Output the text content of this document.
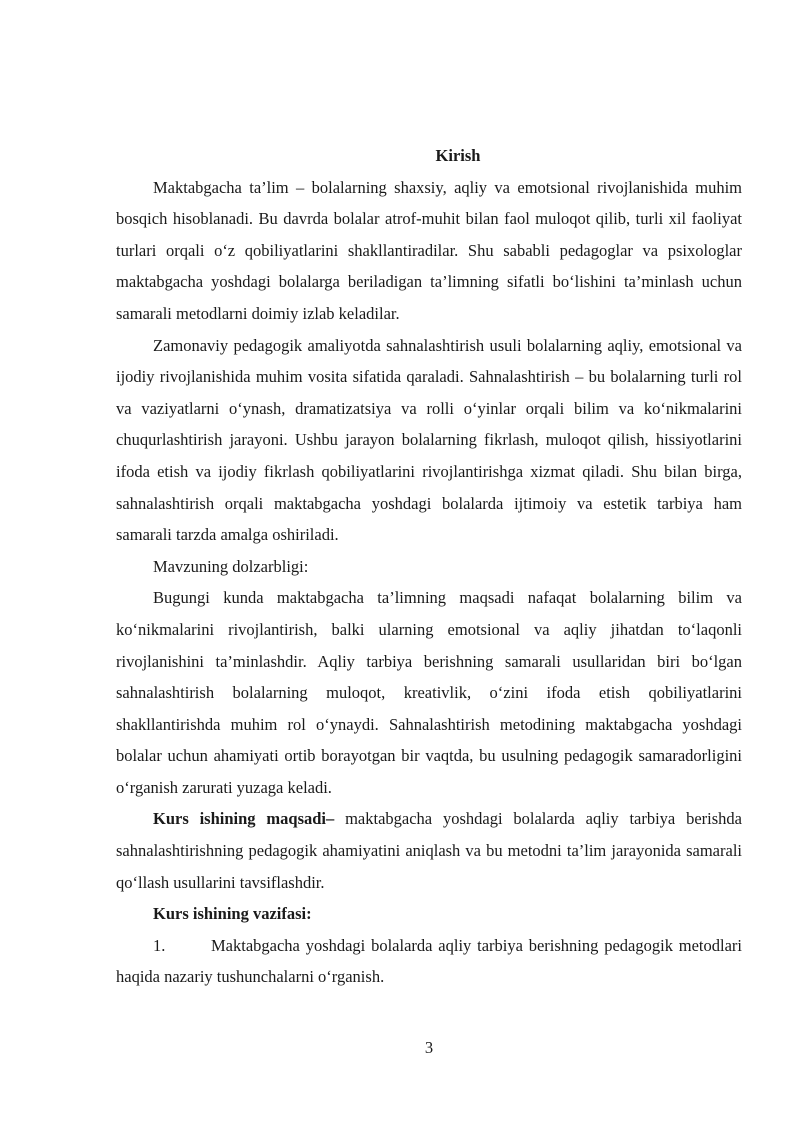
Kirish

Maktabgacha ta’lim – bolalarning shaxsiy, aqliy va emotsional rivojlanishida muhim bosqich hisoblanadi. Bu davrda bolalar atrof-muhit bilan faol muloqot qilib, turli xil faoliyat turlari orqali o‘z qobiliyatlarini shakllantiradilar. Shu sababli pedagoglar va psixologlar maktabgacha yoshdagi bolalarga beriladigan ta’limning sifatli bo‘lishini ta’minlash uchun samarali metodlarni doimiy izlab keladilar.

Zamonaviy pedagogik amaliyotda sahnalashtirish usuli bolalarning aqliy, emotsional va ijodiy rivojlanishida muhim vosita sifatida qaraladi. Sahnalashtirish – bu bolalarning turli rol va vaziyatlarni o‘ynash, dramatizatsiya va rolli o‘yinlar orqali bilim va ko‘nikmalarini chuqurlashtirish jarayoni. Ushbu jarayon bolalarning fikrlash, muloqot qilish, hissiyotlarini ifoda etish va ijodiy fikrlash qobiliyatlarini rivojlantirishga xizmat qiladi. Shu bilan birga, sahnalashtirish orqali maktabgacha yoshdagi bolalarda ijtimoiy va estetik tarbiya ham samarali tarzda amalga oshiriladi.

Mavzuning dolzarbligi:

Bugungi kunda maktabgacha ta’limning maqsadi nafaqat bolalarning bilim va ko‘nikmalarini rivojlantirish, balki ularning emotsional va aqliy jihatdan to‘laqonli rivojlanishini ta’minlashdir. Aqliy tarbiya berishning samarali usullaridan biri bo‘lgan sahnalashtirish bolalarning muloqot, kreativlik, o‘zini ifoda etish qobiliyatlarini shakllantirishda muhim rol o‘ynaydi. Sahnalashtirish metodining maktabgacha yoshdagi bolalar uchun ahamiyati ortib borayotgan bir vaqtda, bu usulning pedagogik samaradorligini o‘rganish zarurati yuzaga keladi.

Kurs ishining maqsadi– maktabgacha yoshdagi bolalarda aqliy tarbiya berishda sahnalashtirishning pedagogik ahamiyatini aniqlash va bu metodni ta’lim jarayonida samarali qo‘llash usullarini tavsiflashdir.

Kurs ishining vazifasi:

1.	Maktabgacha yoshdagi bolalarda aqliy tarbiya berishning pedagogik metodlari haqida nazariy tushunchalarni o‘rganish.

3
